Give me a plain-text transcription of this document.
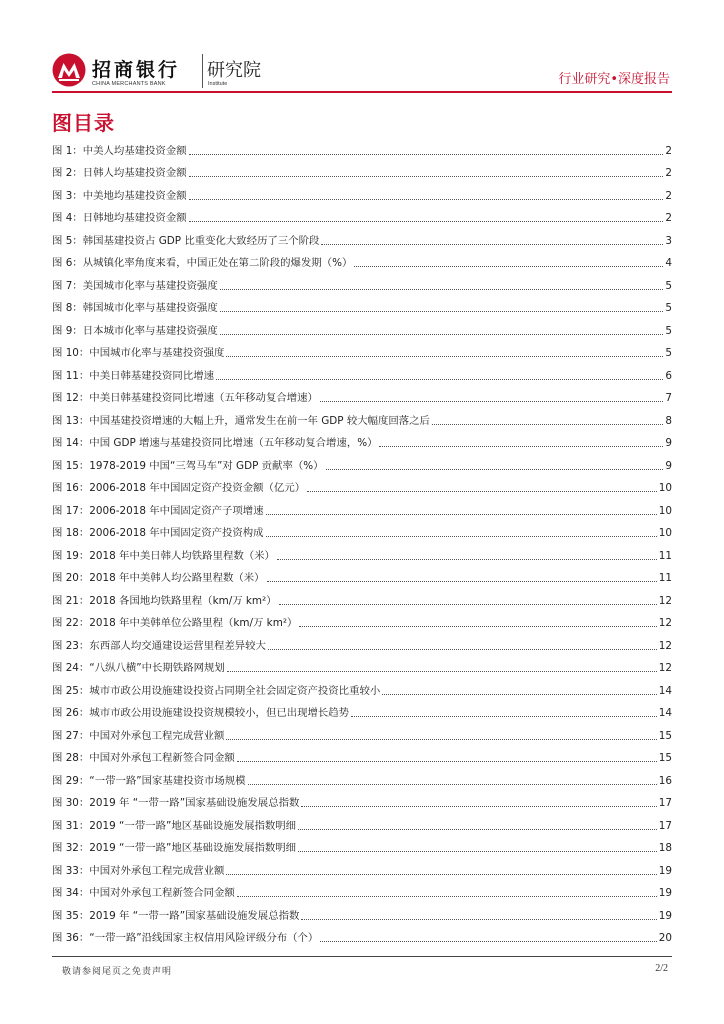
招商银行
CHINA MERCHANTS BANK
研究院
Institute	行业研究•深度报告
图目录
图 1：中美人均基建投资金额	2
图 2：日韩人均基建投资金额	2
图 3：中美地均基建投资金额	2
图 4：日韩地均基建投资金额	2
图 5：韩国基建投资占 GDP 比重变化大致经历了三个阶段	3
图 6：从城镇化率角度来看，中国正处在第二阶段的爆发期（%）	4
图 7：美国城市化率与基建投资强度	5
图 8：韩国城市化率与基建投资强度	5
图 9：日本城市化率与基建投资强度	5
图 10：中国城市化率与基建投资强度	5
图 11：中美日韩基建投资同比增速	6
图 12：中美日韩基建投资同比增速（五年移动复合增速）	7
图 13：中国基建投资增速的大幅上升，通常发生在前一年 GDP 较大幅度回落之后	8
图 14：中国 GDP 增速与基建投资同比增速（五年移动复合增速，%）	9
图 15：1978-2019 中国“三驾马车”对 GDP 贡献率（%）	9
图 16：2006-2018 年中国固定资产投资金额（亿元）	10
图 17：2006-2018 年中国固定资产子项增速	10
图 18：2006-2018 年中国固定资产投资构成	10
图 19：2018 年中美日韩人均铁路里程数（米）	11
图 20：2018 年中美韩人均公路里程数（米）	11
图 21：2018 各国地均铁路里程（km/万 km²）	12
图 22：2018 年中美韩单位公路里程（km/万 km²）	12
图 23：东西部人均交通建设运营里程差异较大	12
图 24：“八纵八横”中长期铁路网规划	12
图 25：城市市政公用设施建设投资占同期全社会固定资产投资比重较小	14
图 26：城市市政公用设施建设投资规模较小，但已出现增长趋势	14
图 27：中国对外承包工程完成营业额	15
图 28：中国对外承包工程新签合同金额	15
图 29：“一带一路”国家基建投资市场规模	16
图 30：2019 年 “一带一路”国家基础设施发展总指数	17
图 31：2019 “一带一路”地区基础设施发展指数明细	17
图 32：2019 “一带一路”地区基础设施发展指数明细	18
图 33：中国对外承包工程完成营业额	19
图 34：中国对外承包工程新签合同金额	19
图 35：2019 年 “一带一路”国家基础设施发展总指数	19
图 36：“一带一路”沿线国家主权信用风险评级分布（个）	20
敬请参阅尾页之免责声明	2/2
